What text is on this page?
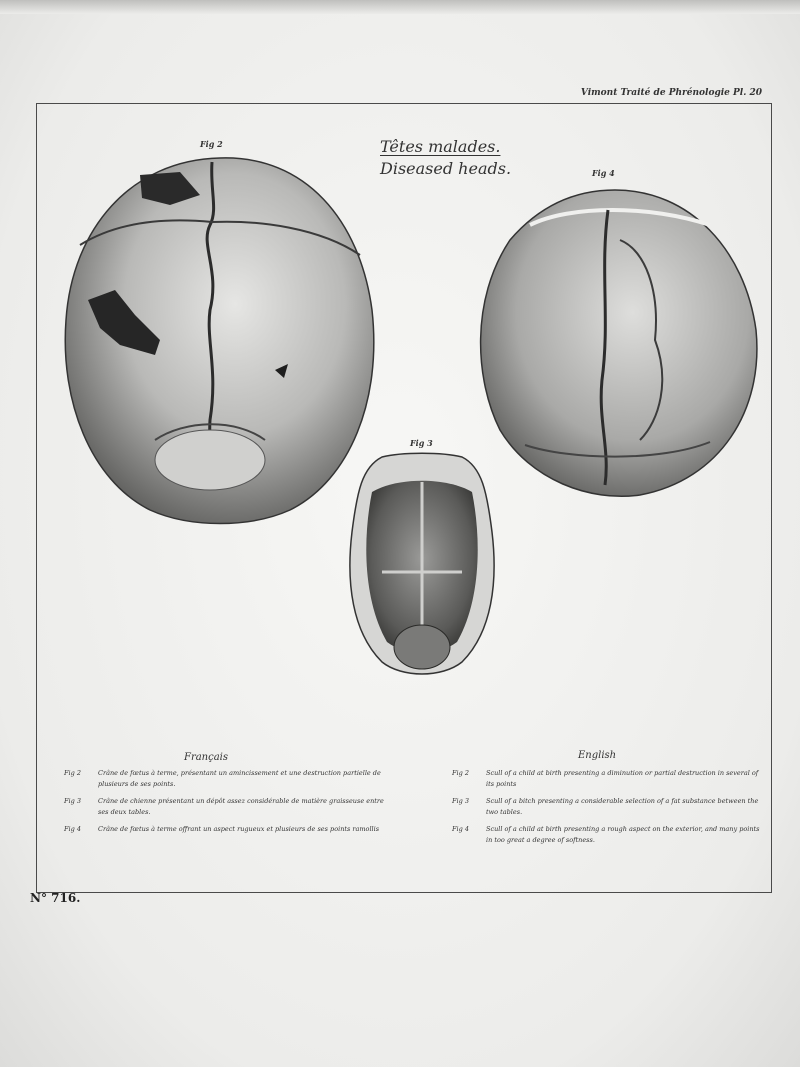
Vimont Traité de Phrénologie Pl. 20
Têtes malades.
Diseased heads.
Fig 2
Fig 4
Fig 3
Français
Fig 2	Crâne de fœtus à terme, présentant un amincissement et une destruction partielle de plusieurs de ses points.
Fig 3	Crâne de chienne présentant un dépôt assez considérable de matière graisseuse entre ses deux tables.
Fig 4	Crâne de fœtus à terme offrant un aspect rugueux et plusieurs de ses points ramollis
English
Fig 2	Scull of a child at birth presenting a diminution or partial destruction in several of its points
Fig 3	Scull of a bitch presenting a considerable selection of a fat substance between the two tables.
Fig 4	Scull of a child at birth presenting a rough aspect on the exterior, and many points in too great a degree of softness.
N° 716.
